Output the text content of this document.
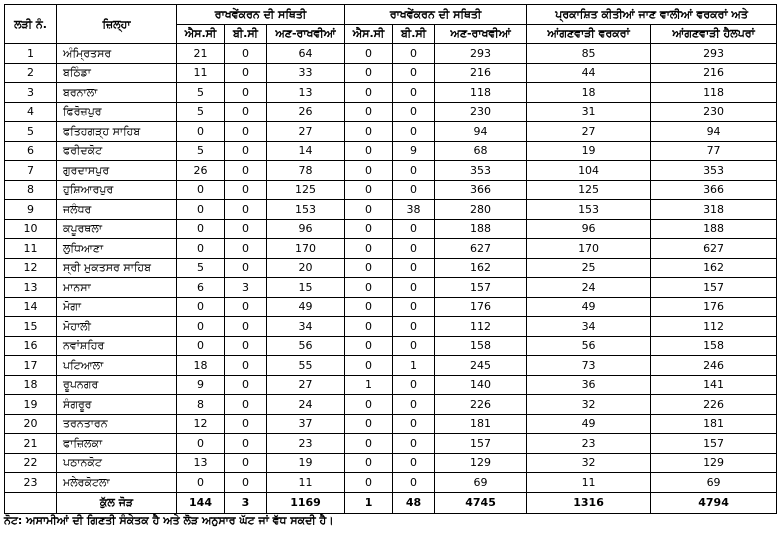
ਲੜੀ ਨੰ.	ਜ਼ਿਲ੍ਹਾ	ਰਾਖਵੇਂਕਰਨ ਦੀ ਸਥਿਤੀ			ਰਾਖਵੇਂਕਰਨ ਦੀ ਸਥਿਤੀ			ਪ੍ਰਕਾਸ਼ਿਤ ਕੀਤੀਆਂ ਜਾਣ ਵਾਲੀਆਂ ਵਰਕਰਾਂ ਅਤੇ	
		ਐਸ.ਸੀ	ਬੀ.ਸੀ	ਅਣ-ਰਾਖਵੀਆਂ	ਐਸ.ਸੀ	ਬੀ.ਸੀ	ਅਣ-ਰਾਖਵੀਆਂ	ਆਂਗਣਵਾੜੀ ਵਰਕਰਾਂ	ਆਂਗਣਵਾੜੀ ਹੈਲਪਰਾਂ
1	ਅੰਮ੍ਰਿਤਸਰ	21	0	64	0	0	293	85	293
2	ਬਠਿੰਡਾ	11	0	33	0	0	216	44	216
3	ਬਰਨਾਲਾ	5	0	13	0	0	118	18	118
4	ਫਿਰੋਜ਼ਪੁਰ	5	0	26	0	0	230	31	230
5	ਫਤਿਹਗੜ੍ਹ ਸਾਹਿਬ	0	0	27	0	0	94	27	94
6	ਫਰੀਦਕੋਟ	5	0	14	0	9	68	19	77
7	ਗੁਰਦਾਸਪੁਰ	26	0	78	0	0	353	104	353
8	ਹੁਸ਼ਿਆਰਪੁਰ	0	0	125	0	0	366	125	366
9	ਜਲੰਧਰ	0	0	153	0	38	280	153	318
10	ਕਪੂਰਥਲਾ	0	0	96	0	0	188	96	188
11	ਲੁਧਿਆਣਾ	0	0	170	0	0	627	170	627
12	ਸ੍ਰੀ ਮੁਕਤਸਰ ਸਾਹਿਬ	5	0	20	0	0	162	25	162
13	ਮਾਨਸਾ	6	3	15	0	0	157	24	157
14	ਮੋਗਾ	0	0	49	0	0	176	49	176
15	ਮੋਹਾਲੀ	0	0	34	0	0	112	34	112
16	ਨਵਾਂਸ਼ਹਿਰ	0	0	56	0	0	158	56	158
17	ਪਟਿਆਲਾ	18	0	55	0	1	245	73	246
18	ਰੂਪਨਗਰ	9	0	27	1	0	140	36	141
19	ਸੰਗਰੂਰ	8	0	24	0	0	226	32	226
20	ਤਰਨਤਾਰਨ	12	0	37	0	0	181	49	181
21	ਫਾਜ਼ਿਲਕਾ	0	0	23	0	0	157	23	157
22	ਪਠਾਨਕੋਟ	13	0	19	0	0	129	32	129
23	ਮਲੇਰਕੋਟਲਾ	0	0	11	0	0	69	11	69
	ਕੁੱਲ ਜੋੜ	144	3	1169	1	48	4745	1316	4794
ਨੋਟ: ਅਸਾਮੀਆਂ ਦੀ ਗਿਣਤੀ ਸੰਕੇਤਕ ਹੈ ਅਤੇ ਲੋੜ ਅਨੁਸਾਰ ਘੱਟ ਜਾਂ ਵੱਧ ਸਕਦੀ ਹੈ।
